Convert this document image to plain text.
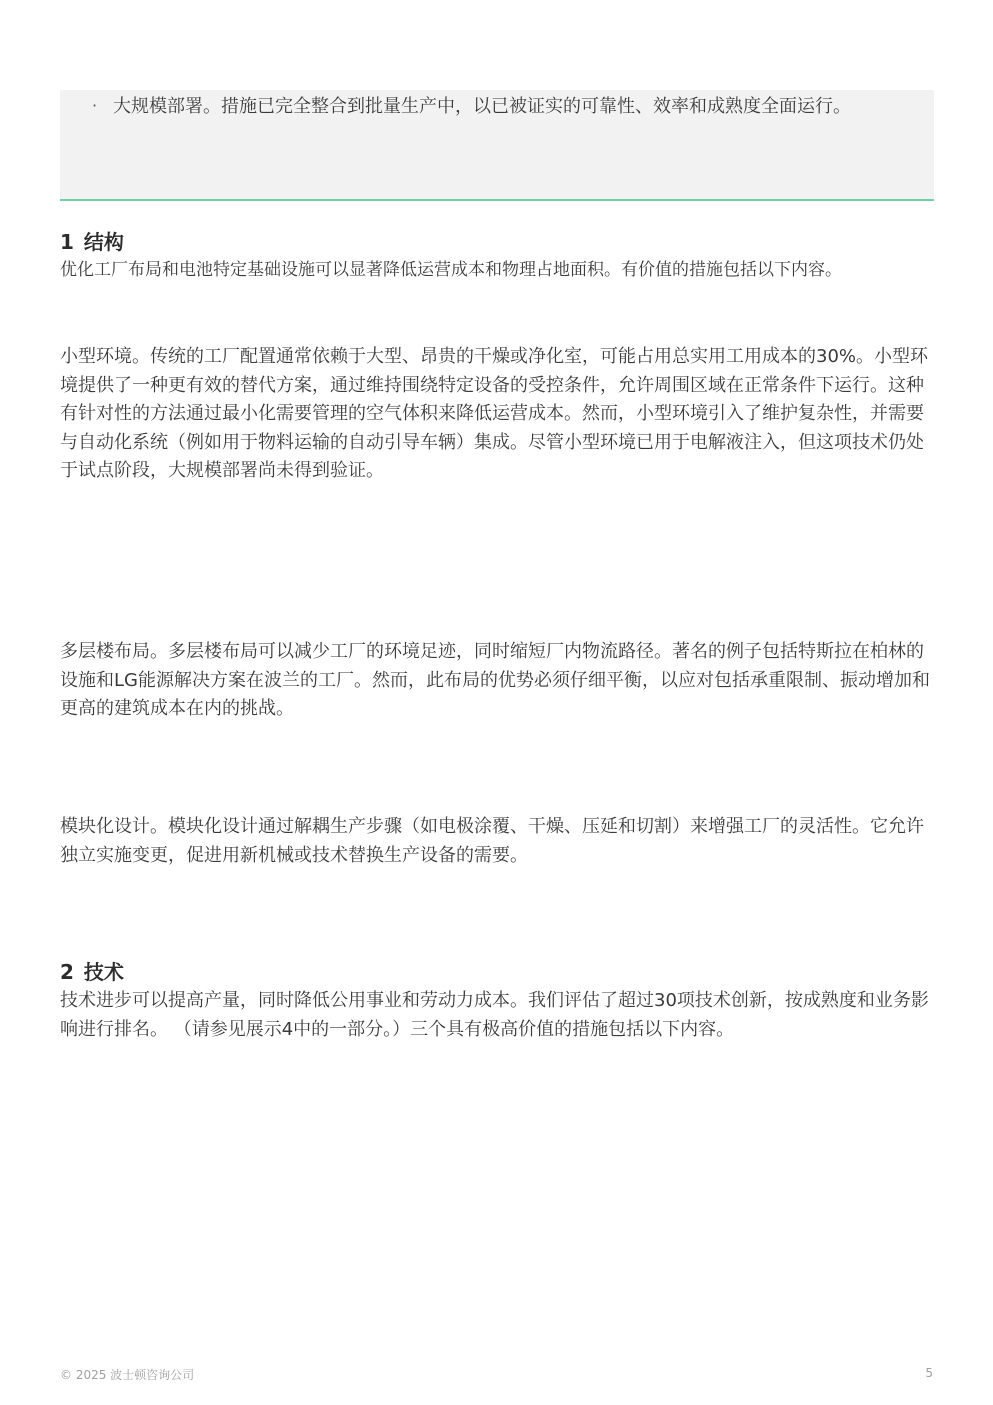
· 大规模部署。措施已完全整合到批量生产中，以已被证实的可靠性、效率和成熟度全面运行。
1 结构

优化工厂布局和电池特定基础设施可以显著降低运营成本和物理占地面积。有价值的措施包括以下内容。

小型环境。传统的工厂配置通常依赖于大型、昂贵的干燥或净化室，可能占用总实用工用成本的30%。小型环境提供了一种更有效的替代方案，通过维持围绕特定设备的受控条件，允许周围区域在正常条件下运行。这种有针对性的方法通过最小化需要管理的空气体积来降低运营成本。然而，小型环境引入了维护复杂性，并需要与自动化系统（例如用于物料运输的自动引导车辆）集成。尽管小型环境已用于电解液注入，但这项技术仍处于试点阶段，大规模部署尚未得到验证。

多层楼布局。多层楼布局可以减少工厂的环境足迹，同时缩短厂内物流路径。著名的例子包括特斯拉在柏林的设施和LG能源解决方案在波兰的工厂。然而，此布局的优势必须仔细平衡，以应对包括承重限制、振动增加和更高的建筑成本在内的挑战。

模块化设计。模块化设计通过解耦生产步骤（如电极涂覆、干燥、压延和切割）来增强工厂的灵活性。它允许独立实施变更，促进用新机械或技术替换生产设备的需要。

2 技术

技术进步可以提高产量，同时降低公用事业和劳动力成本。我们评估了超过30项技术创新，按成熟度和业务影响进行排名。 （请参见展示4中的一部分。）三个具有极高价值的措施包括以下内容。

© 2025 波士顿咨询公司	5
